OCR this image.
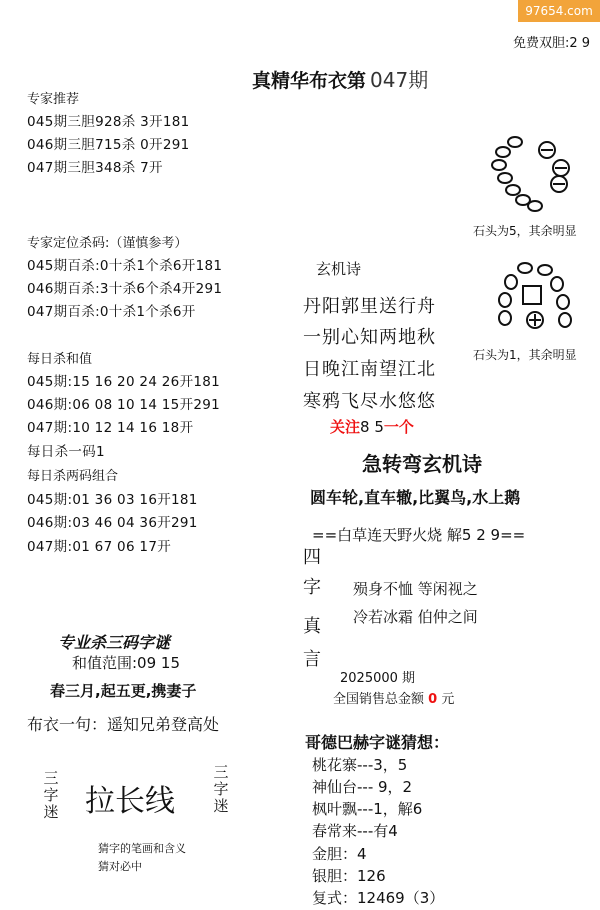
97654.com
免费双胆:2 9
真精华布衣第 047期
专家推荐
045期三胆928杀 3开181
046期三胆715杀 0开291
047期三胆348杀 7开
专家定位杀码:（谨慎参考）
045期百杀:0十杀1个杀6开181
046期百杀:3十杀6个杀4开291
047期百杀:0十杀1个杀6开
每日杀和值
045期:15 16 20 24 26开181
046期:06 08 10 14 15开291
047期:10 12 14 16 18开
每日杀一码1
每日杀两码组合
045期:01 36 03 16开181
046期:03 46 04 36开291
047期:01 67 06 17开
石头为5，其余明显
石头为1，其余明显
玄机诗
丹阳郭里送行舟
一别心知两地秋
日晚江南望江北
寒鸦飞尽水悠悠
关注8 5一个
急转弯玄机诗
圆车轮,直车辙,比翼鸟,水上鹅
==白草连天野火烧 解5 2 9==
四
字
真
言
殒身不恤 等闲视之
冷若冰霜 伯仲之间
2025000 期
全国销售总金额 0 元
哥德巴赫字谜猜想：
桃花寨---3，5
神仙台--- 9，2
枫叶飘---1，解6
春常来---有4
金胆：4
银胆：126
复式：12469（3）
专业杀三码字谜
和值范围:09 15
春三月,起五更,携妻子
布衣一句：遥知兄弟登高处
三字迷
三字迷
拉长线
猜字的笔画和含义
猜对必中
